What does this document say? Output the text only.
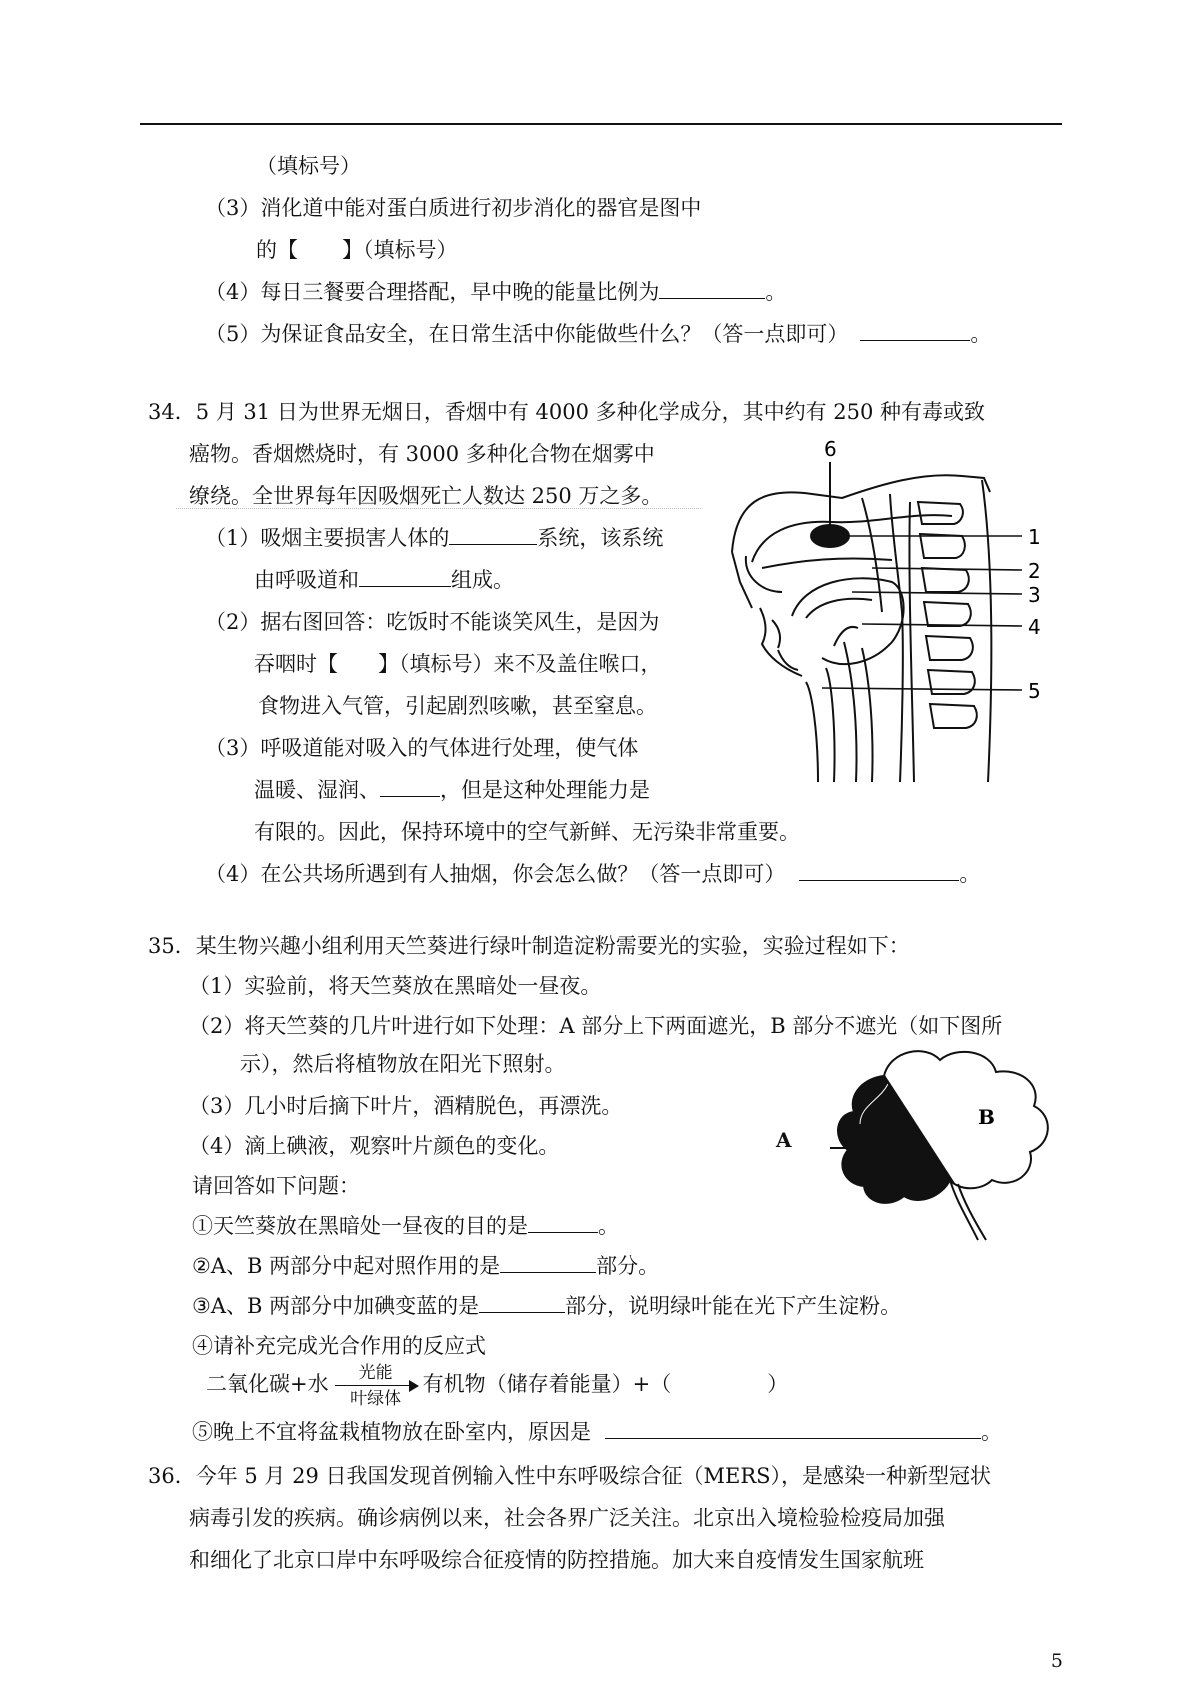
（填标号）
（3）消化道中能对蛋白质进行初步消化的器官是图中
的【 】（填标号）
（4）每日三餐要合理搭配，早中晚的能量比例为	。
（5）为保证食品安全，在日常生活中你能做些什么？（答一点即可）	。
34．5 月 31 日为世界无烟日，香烟中有 4000 多种化学成分，其中约有 250 种有毒或致
癌物。香烟燃烧时，有 3000 多种化合物在烟雾中
缭绕。全世界每年因吸烟死亡人数达 250 万之多。
（1）吸烟主要损害人体的	系统，该系统
由呼吸道和	组成。
（2）据右图回答：吃饭时不能谈笑风生，是因为
吞咽时【 】（填标号）来不及盖住喉口，
食物进入气管，引起剧烈咳嗽，甚至窒息。
（3）呼吸道能对吸入的气体进行处理，使气体
温暖、湿润、	，但是这种处理能力是
有限的。因此，保持环境中的空气新鲜、无污染非常重要。
（4）在公共场所遇到有人抽烟，你会怎么做？（答一点即可）	。
6
1
2
3
4
5
35．某生物兴趣小组利用天竺葵进行绿叶制造淀粉需要光的实验，实验过程如下：
（1）实验前，将天竺葵放在黑暗处一昼夜。
（2）将天竺葵的几片叶进行如下处理：A 部分上下两面遮光，B 部分不遮光（如下图所
示），然后将植物放在阳光下照射。
（3）几小时后摘下叶片，酒精脱色，再漂洗。
（4）滴上碘液，观察叶片颜色的变化。
请回答如下问题：
①天竺葵放在黑暗处一昼夜的目的是	。
②A、B 两部分中起对照作用的是	部分。
③A、B 两部分中加碘变蓝的是	部分，说明绿叶能在光下产生淀粉。
④请补充完成光合作用的反应式
二氧化碳+水	光能
叶绿体
有机物（储存着能量）+（	）
⑤晚上不宜将盆栽植物放在卧室内，原因是	。
B
A
36．今年 5 月 29 日我国发现首例输入性中东呼吸综合征（MERS），是感染一种新型冠状
病毒引发的疾病。确诊病例以来，社会各界广泛关注。北京出入境检验检疫局加强
和细化了北京口岸中东呼吸综合征疫情的防控措施。加大来自疫情发生国家航班
5
